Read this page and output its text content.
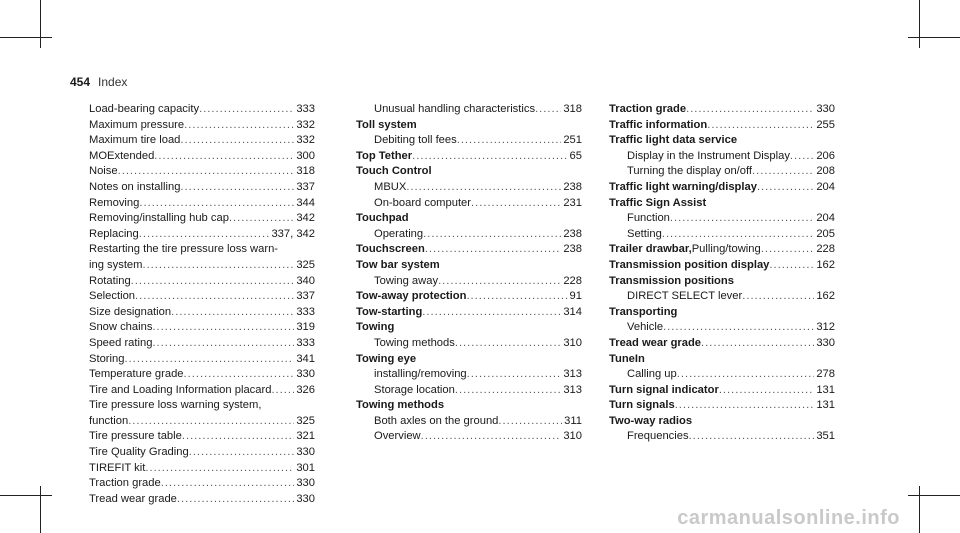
454 Index
Load-bearing capacity .....	333
Maximum pressure .....	332
Maximum tire load .....	332
MOExtended .....	300
Noise .....	318
Notes on installing .....	337
Removing .....	344
Removing/installing hub cap .....	342
Replacing .....	337, 342
Restarting the tire pressure loss warn-
ing system .....	325
Rotating .....	340
Selection .....	337
Size designation .....	333
Snow chains .....	319
Speed rating .....	333
Storing .....	341
Temperature grade .....	330
Tire and Loading Information placard ..... 326
Tire pressure loss warning system,
function .....	325
Tire pressure table .....	321
Tire Quality Grading .....	330
TIREFIT kit .....	301
Traction grade .....	330
Tread wear grade .....	330
Unusual handling characteristics .....	318
Toll system
Debiting toll fees .....	251
Top Tether .....	65
Touch Control
MBUX .....	238
On-board computer .....	231
Touchpad
Operating .....	238
Touchscreen .....	238
Tow bar system
Towing away .....	228
Tow-away protection .....	91
Tow-starting .....	314
Towing
Towing methods .....	310
Towing eye
installing/removing .....	313
Storage location .....	313
Towing methods
Both axles on the ground .....	311
Overview .....	310
Traction grade .....	330
Traffic information .....	255
Traffic light data service
Display in the Instrument Display ..... 206
Turning the display on/off .....	208
Traffic light warning/display .....	204
Traffic Sign Assist
Function .....	204
Setting .....	205
Trailer drawbar, Pulling/towing .....	228
Transmission position display .....	162
Transmission positions
DIRECT SELECT lever .....	162
Transporting
Vehicle .....	312
Tread wear grade .....	330
TuneIn
Calling up .....	278
Turn signal indicator .....	131
Turn signals .....	131
Two-way radios
Frequencies .....	351
carmanualsonline.info
